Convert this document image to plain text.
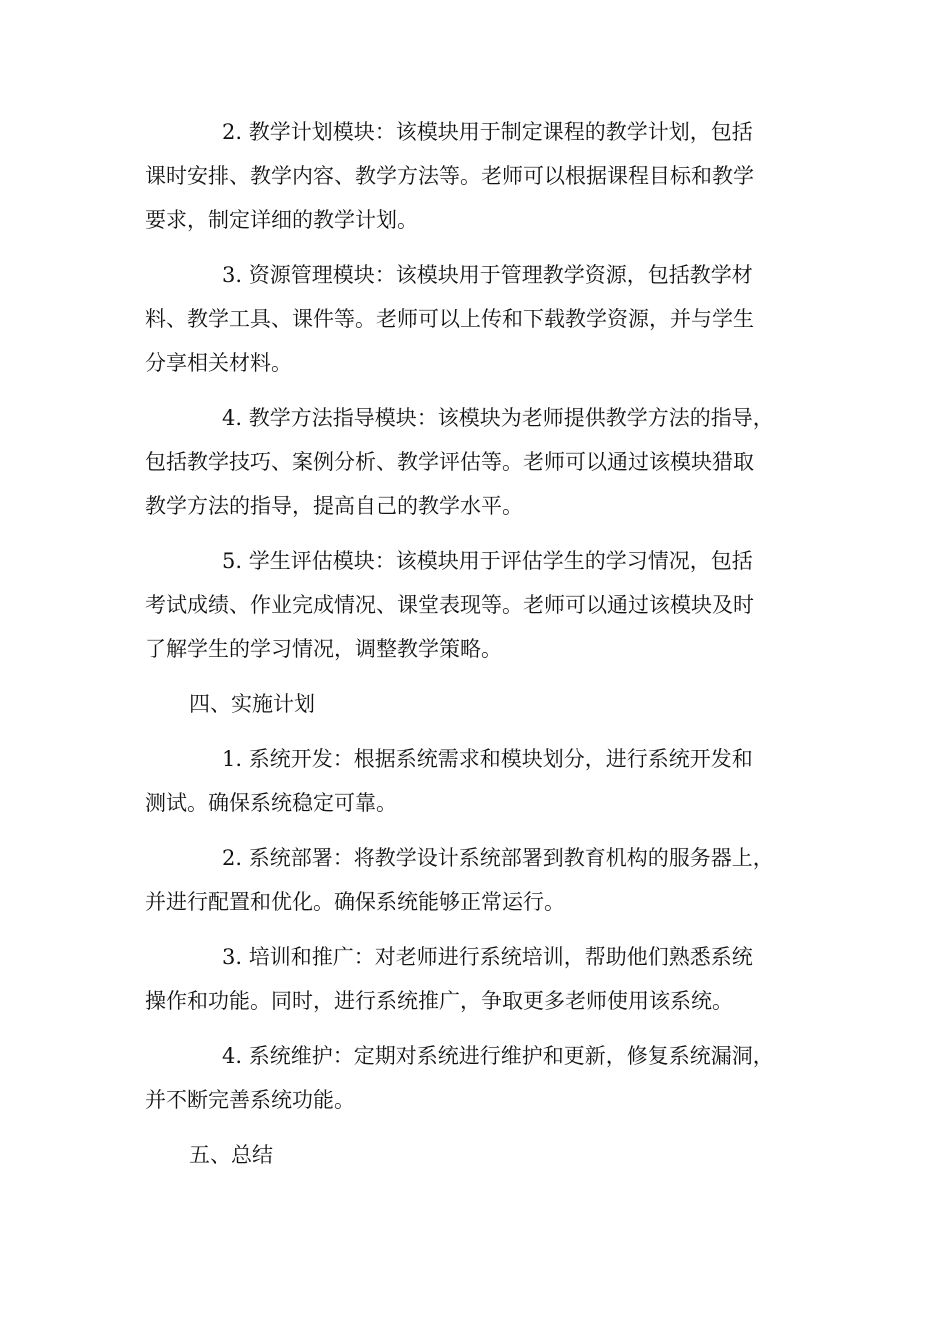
2. 教学计划模块：该模块用于制定课程的教学计划，包括
课时安排、教学内容、教学方法等。老师可以根据课程目标和教学
要求，制定详细的教学计划。
3. 资源管理模块：该模块用于管理教学资源，包括教学材
料、教学工具、课件等。老师可以上传和下载教学资源，并与学生
分享相关材料。
4. 教学方法指导模块：该模块为老师提供教学方法的指导，
包括教学技巧、案例分析、教学评估等。老师可以通过该模块猎取
教学方法的指导，提高自己的教学水平。
5. 学生评估模块：该模块用于评估学生的学习情况，包括
考试成绩、作业完成情况、课堂表现等。老师可以通过该模块及时
了解学生的学习情况，调整教学策略。
四、实施计划
1. 系统开发：根据系统需求和模块划分，进行系统开发和
测试。确保系统稳定可靠。
2. 系统部署：将教学设计系统部署到教育机构的服务器上，
并进行配置和优化。确保系统能够正常运行。
3. 培训和推广：对老师进行系统培训，帮助他们熟悉系统
操作和功能。同时，进行系统推广，争取更多老师使用该系统。
4. 系统维护：定期对系统进行维护和更新，修复系统漏洞，
并不断完善系统功能。
五、总结
